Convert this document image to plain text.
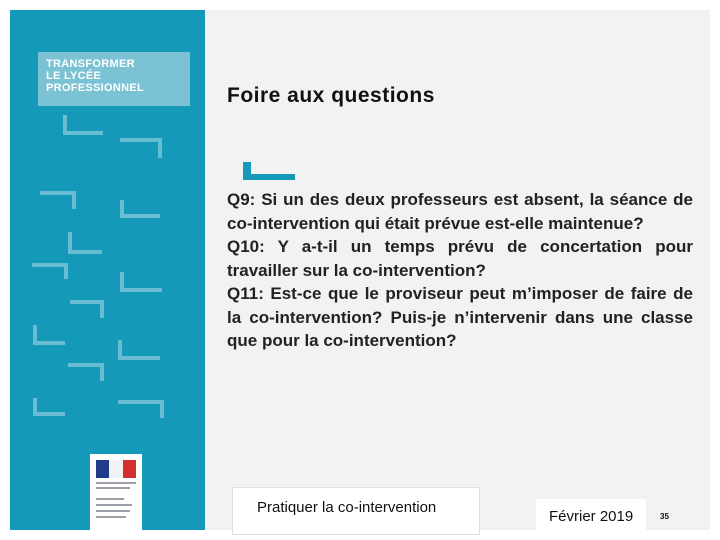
TRANSFORMER
LE LYCÉE
PROFESSIONNEL	Foire aux questions

Q9: Si un des deux professeurs est absent, la séance de co-intervention qui était prévue est-elle maintenue?

Q10: Y a-t-il un temps prévu de concertation pour travailler sur la co-intervention?

Q11: Est-ce que le proviseur peut m’imposer de faire de la co-intervention? Puis-je n’intervenir dans une classe que pour la co-intervention?

Pratiquer la co-intervention
Février 2019	35
